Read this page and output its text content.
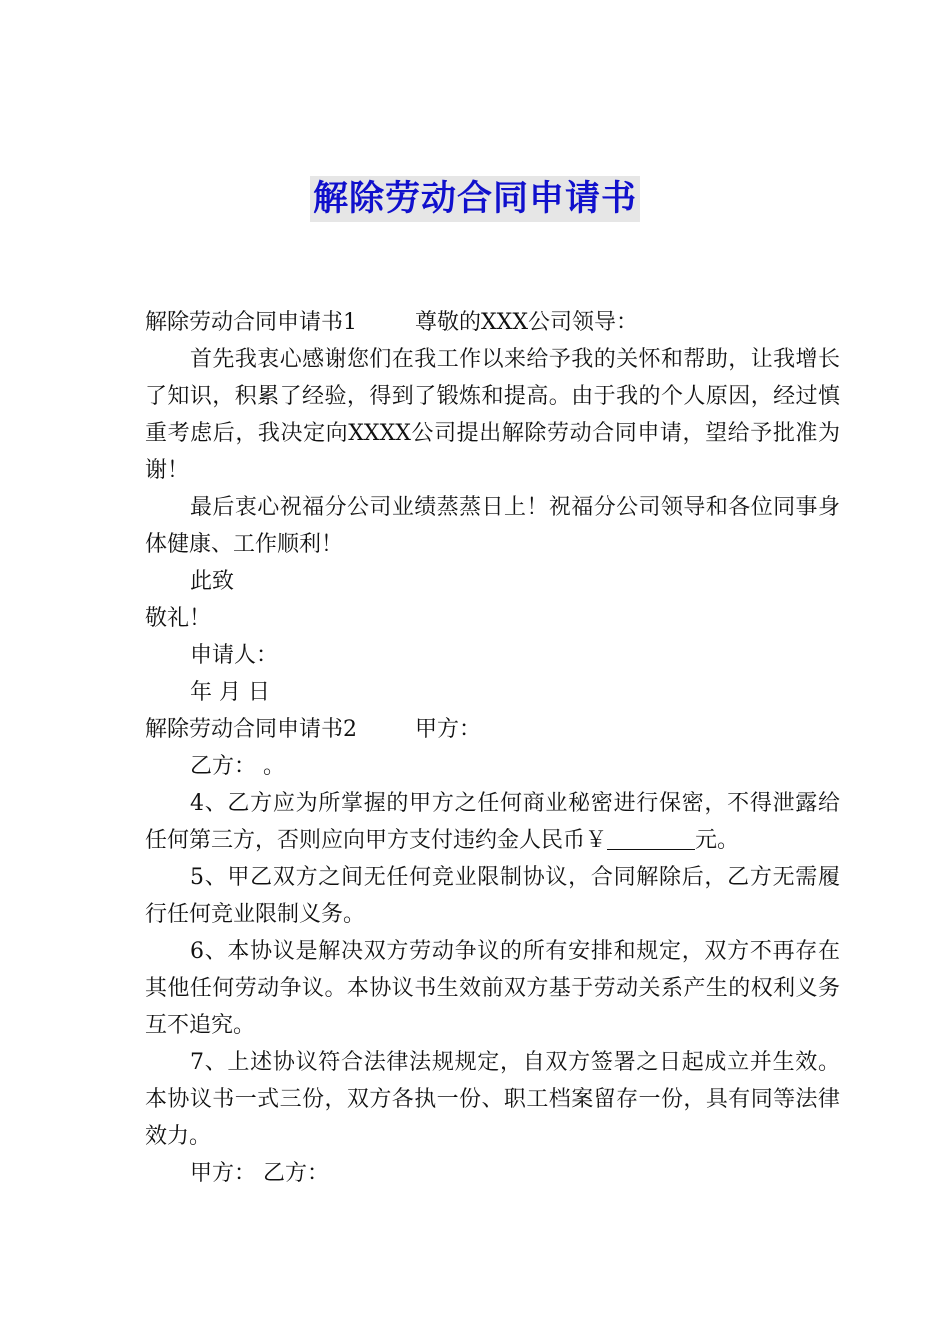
解除劳动合同申请书

解除劳动合同申请书1	尊敬的XXX公司领导：

首先我衷心感谢您们在我工作以来给予我的关怀和帮助，让我增长了知识，积累了经验，得到了锻炼和提高。由于我的个人原因，经过慎重考虑后，我决定向XXXX公司提出解除劳动合同申请，望给予批准为谢！

最后衷心祝福分公司业绩蒸蒸日上！祝福分公司领导和各位同事身体健康、工作顺利！

此致

敬礼！

申请人：

年 月 日

解除劳动合同申请书2	甲方：

乙方： 。

4、乙方应为所掌握的甲方之任何商业秘密进行保密，不得泄露给任何第三方，否则应向甲方支付违约金人民币￥	元。

5、甲乙双方之间无任何竞业限制协议，合同解除后，乙方无需履行任何竞业限制义务。

6、本协议是解决双方劳动争议的所有安排和规定，双方不再存在其他任何劳动争议。本协议书生效前双方基于劳动关系产生的权利义务互不追究。

7、上述协议符合法律法规规定，自双方签署之日起成立并生效。本协议书一式三份，双方各执一份、职工档案留存一份，具有同等法律效力。

甲方： 乙方：
